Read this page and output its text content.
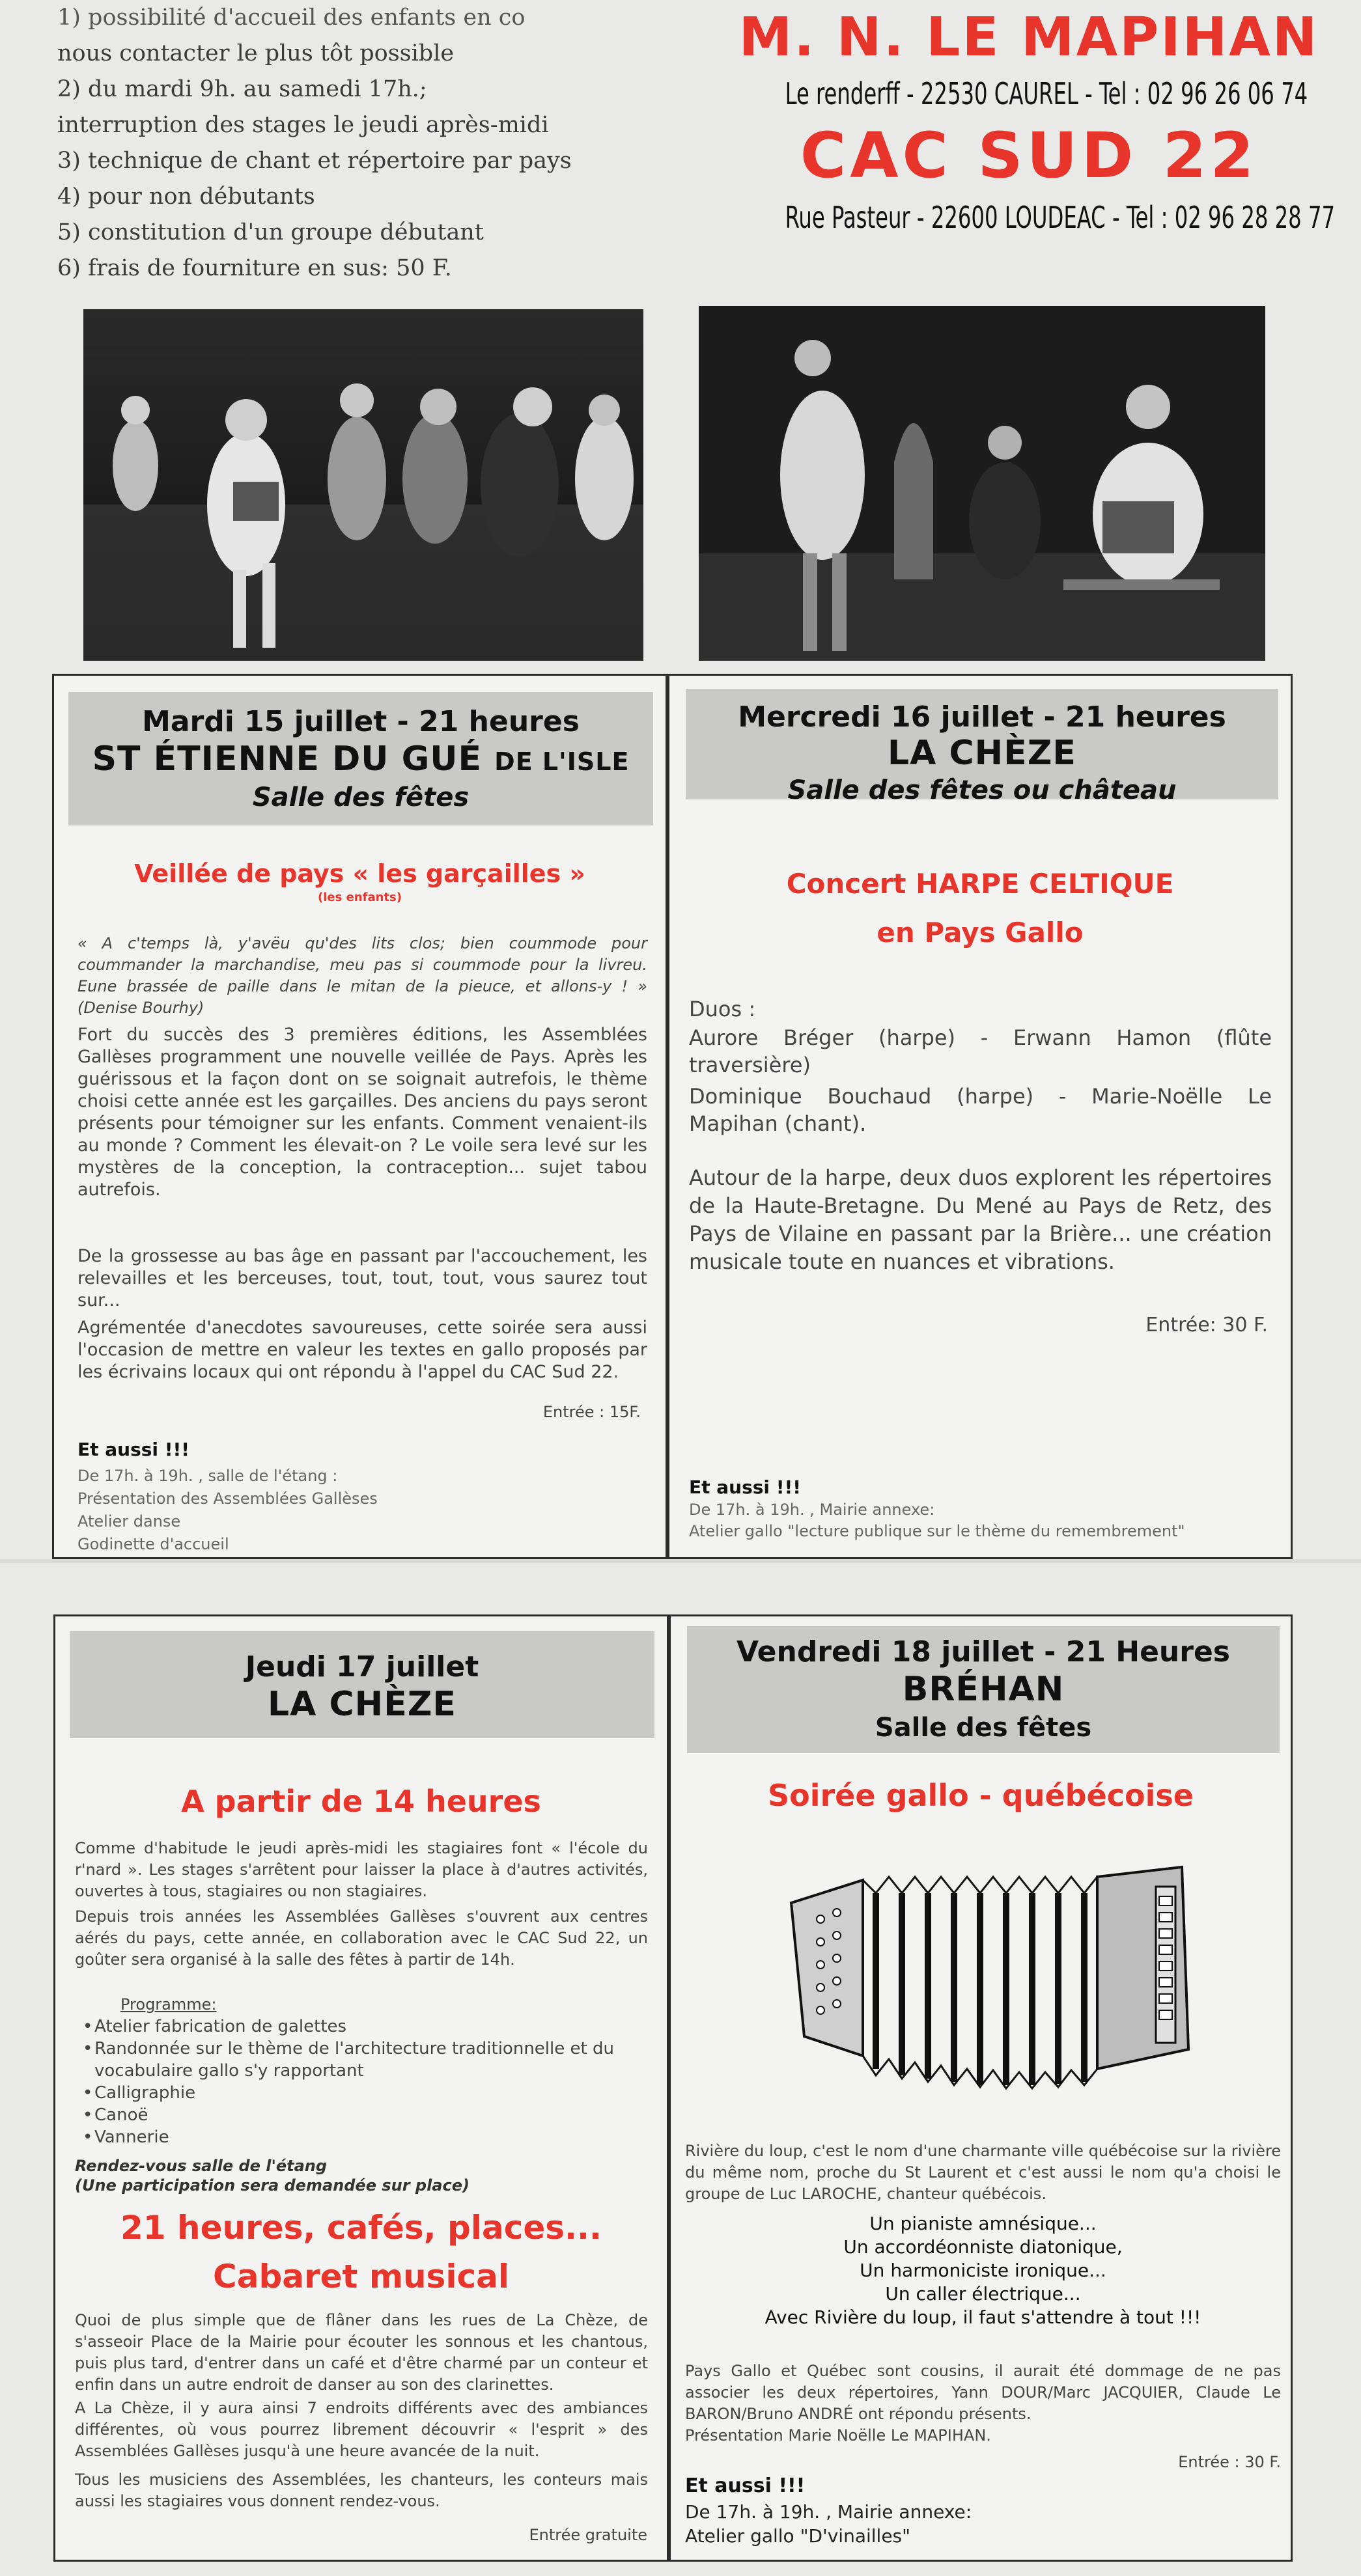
1) possibilité d'accueil des enfants en co
nous contacter le plus tôt possible
2) du mardi 9h. au samedi 17h.;
interruption des stages le jeudi après-midi
3) technique de chant et répertoire par pays
4) pour non débutants
5) constitution d'un groupe débutant
6) frais de fourniture en sus: 50 F.
M. N. LE MAPIHAN
Le renderff - 22530 CAUREL - Tel : 02 96 26 06 74
CAC SUD 22
Rue Pasteur - 22600 LOUDEAC - Tel : 02 96 28 28 77
Mardi 15 juillet - 21 heures
ST ÉTIENNE DU GUÉ DE L'ISLE
Salle des fêtes
Veillée de pays « les garçailles »
(les enfants)
« A c'temps là, y'avëu qu'des lits clos; bien coummode pour coummander la marchandise, meu pas si coummode pour la livreu. Eune brassée de paille dans le mitan de la pieuce, et allons-y ! » (Denise Bourhy)
Fort du succès des 3 premières éditions, les Assemblées Gallèses programment une nouvelle veillée de Pays. Après les guérissous et la façon dont on se soignait autrefois, le thème choisi cette année est les garçailles. Des anciens du pays seront présents pour témoigner sur les enfants. Comment venaient-ils au monde ? Comment les élevait-on ? Le voile sera levé sur les mystères de la conception, la contraception... sujet tabou autrefois.
De la grossesse au bas âge en passant par l'accouchement, les relevailles et les berceuses, tout, tout, tout, vous saurez tout sur...
Agrémentée d'anecdotes savoureuses, cette soirée sera aussi l'occasion de mettre en valeur les textes en gallo proposés par les écrivains locaux qui ont répondu à l'appel du CAC Sud 22.
Entrée : 15F.
Et aussi !!!
De 17h. à 19h. , salle de l'étang :
Présentation des Assemblées Gallèses
Atelier danse
Godinette d'accueil
Mercredi 16 juillet - 21 heures
LA CHÈZE
Salle des fêtes ou château
Concert HARPE CELTIQUE
en Pays Gallo
Duos :
Aurore Bréger (harpe) - Erwann Hamon (flûte traversière)
Dominique Bouchaud (harpe) - Marie-Noëlle Le Mapihan (chant).
Autour de la harpe, deux duos explorent les répertoires de la Haute-Bretagne. Du Mené au Pays de Retz, des Pays de Vilaine en passant par la Brière... une création musicale toute en nuances et vibrations.
Entrée: 30 F.
Et aussi !!!
De 17h. à 19h. , Mairie annexe:
Atelier gallo "lecture publique sur le thème du remembrement"
Jeudi 17 juillet
LA CHÈZE
A partir de 14 heures
Comme d'habitude le jeudi après-midi les stagiaires font « l'école du r'nard ». Les stages s'arrêtent pour laisser la place à d'autres activités, ouvertes à tous, stagiaires ou non stagiaires.
Depuis trois années les Assemblées Gallèses s'ouvrent aux centres aérés du pays, cette année, en collaboration avec le CAC Sud 22, un goûter sera organisé à la salle des fêtes à partir de 14h.
Programme:
• Atelier fabrication de galettes
• Randonnée sur le thème de l'architecture traditionnelle et du vocabulaire gallo s'y rapportant
• Calligraphie
• Canoë
• Vannerie
Rendez-vous salle de l'étang
(Une participation sera demandée sur place)
21 heures, cafés, places...
Cabaret musical
Quoi de plus simple que de flâner dans les rues de La Chèze, de s'asseoir Place de la Mairie pour écouter les sonnous et les chantous, puis plus tard, d'entrer dans un café et d'être charmé par un conteur et enfin dans un autre endroit de danser au son des clarinettes.
A La Chèze, il y aura ainsi 7 endroits différents avec des ambiances différentes, où vous pourrez librement découvrir « l'esprit » des Assemblées Gallèses jusqu'à une heure avancée de la nuit.
Tous les musiciens des Assemblées, les chanteurs, les conteurs mais aussi les stagiaires vous donnent rendez-vous.
Entrée gratuite
Vendredi 18 juillet - 21 Heures
BRÉHAN
Salle des fêtes
Soirée gallo - québécoise
Rivière du loup, c'est le nom d'une charmante ville québécoise sur la rivière du même nom, proche du St Laurent et c'est aussi le nom qu'a choisi le groupe de Luc LAROCHE, chanteur québécois.
Un pianiste amnésique...
Un accordéonniste diatonique,
Un harmoniciste ironique...
Un caller électrique...
Avec Rivière du loup, il faut s'attendre à tout !!!
Pays Gallo et Québec sont cousins, il aurait été dommage de ne pas associer les deux répertoires, Yann DOUR/Marc JACQUIER, Claude Le BARON/Bruno ANDRÉ ont répondu présents.
Présentation Marie Noëlle Le MAPIHAN.
Entrée : 30 F.
Et aussi !!!
De 17h. à 19h. , Mairie annexe:
Atelier gallo "D'vinailles"
